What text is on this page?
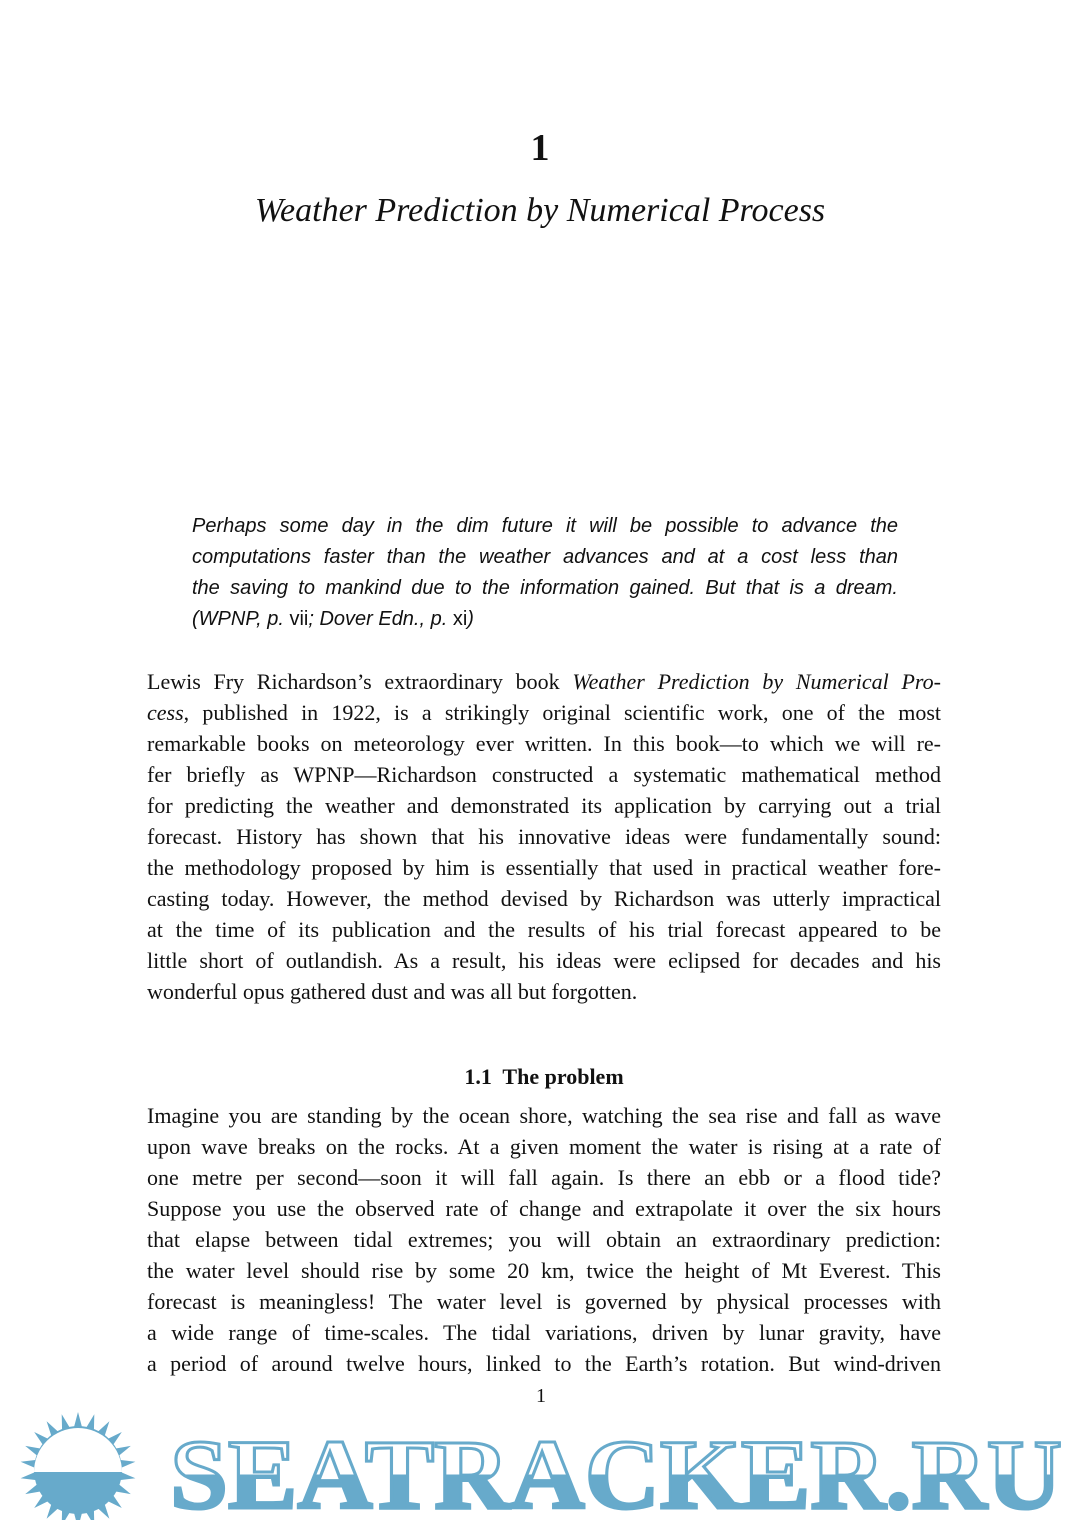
1
Weather Prediction by Numerical Process
Perhaps some day in the dim future it will be possible to advance the
computations faster than the weather advances and at a cost less than
the saving to mankind due to the information gained. But that is a dream.
(WPNP, p. vii; Dover Edn., p. xi)
Lewis Fry Richardson’s extraordinary book Weather Prediction by Numerical Pro-
cess, published in 1922, is a strikingly original scientific work, one of the most
remarkable books on meteorology ever written. In this book—to which we will re-
fer briefly as WPNP—Richardson constructed a systematic mathematical method
for predicting the weather and demonstrated its application by carrying out a trial
forecast. History has shown that his innovative ideas were fundamentally sound:
the methodology proposed by him is essentially that used in practical weather fore-
casting today. However, the method devised by Richardson was utterly impractical
at the time of its publication and the results of his trial forecast appeared to be
little short of outlandish. As a result, his ideas were eclipsed for decades and his
wonderful opus gathered dust and was all but forgotten.
1.1  The problem
Imagine you are standing by the ocean shore, watching the sea rise and fall as wave
upon wave breaks on the rocks. At a given moment the water is rising at a rate of
one metre per second—soon it will fall again. Is there an ebb or a flood tide?
Suppose you use the observed rate of change and extrapolate it over the six hours
that elapse between tidal extremes; you will obtain an extraordinary prediction:
the water level should rise by some 20 km, twice the height of Mt Everest. This
forecast is meaningless! The water level is governed by physical processes with
a wide range of time-scales. The tidal variations, driven by lunar gravity, have
a period of around twelve hours, linked to the Earth’s rotation. But wind-driven
1
SEATRACKER.RU
